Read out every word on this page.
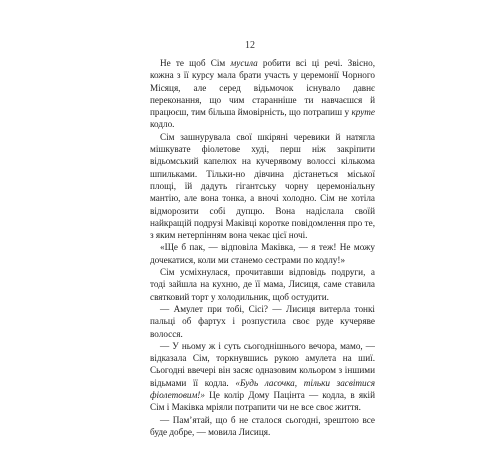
12

Не те щоб Сім мусила робити всі ці речі. Звісно, кожна з її курсу мала брати участь у церемонії Чорного Місяця, але серед відьмочок існувало давнє переконання, що чим старанніше ти навчаєшся й працюєш, тим більша ймовірність, що потрапиш у круте кодло.

Сім зашнурувала свої шкіряні черевики й натягла мішкувате фіолетове худі, перш ніж закріпити відьомський капелюх на кучерявому волоссі кількома шпильками. Тільки-но дівчина дістанеться міської площі, їй дадуть гігантську чорну церемоніальну мантію, але вона тонка, а вночі холодно. Сім не хотіла відморозити собі дупцю. Вона надіслала своїй найкращій подрузі Маківці коротке повідомлення про те, з яким нетерпінням вона чекає цієї ночі.

«Ще б пак, — відповіла Маківка, — я теж! Не можу дочекатися, коли ми станемо сестрами по кодлу!»

Сім усміхнулася, прочитавши відповідь подруги, а тоді зайшла на кухню, де її мама, Лисиця, саме ставила святковий торт у холодильник, щоб остудити.

— Амулет при тобі, Сісі? — Лисиця витерла тонкі пальці об фартух і розпустила своє руде кучеряве волосся.

— У ньому ж і суть сьогоднішнього вечора, мамо, — відказала Сім, торкнувшись рукою амулета на шиї. Сьогодні ввечері він засяє одназовим кольором з іншими відьмами її кодла. «Будь ласочка, тільки засвітися фіолетовим!» Це колір Дому Пацінта — кодла, в якій Сім і Маківка мріяли потрапити чи не все своє життя.

— Пам’ятай, що б не сталося сьогодні, зрештою все буде добре, — мовила Лисиця.
